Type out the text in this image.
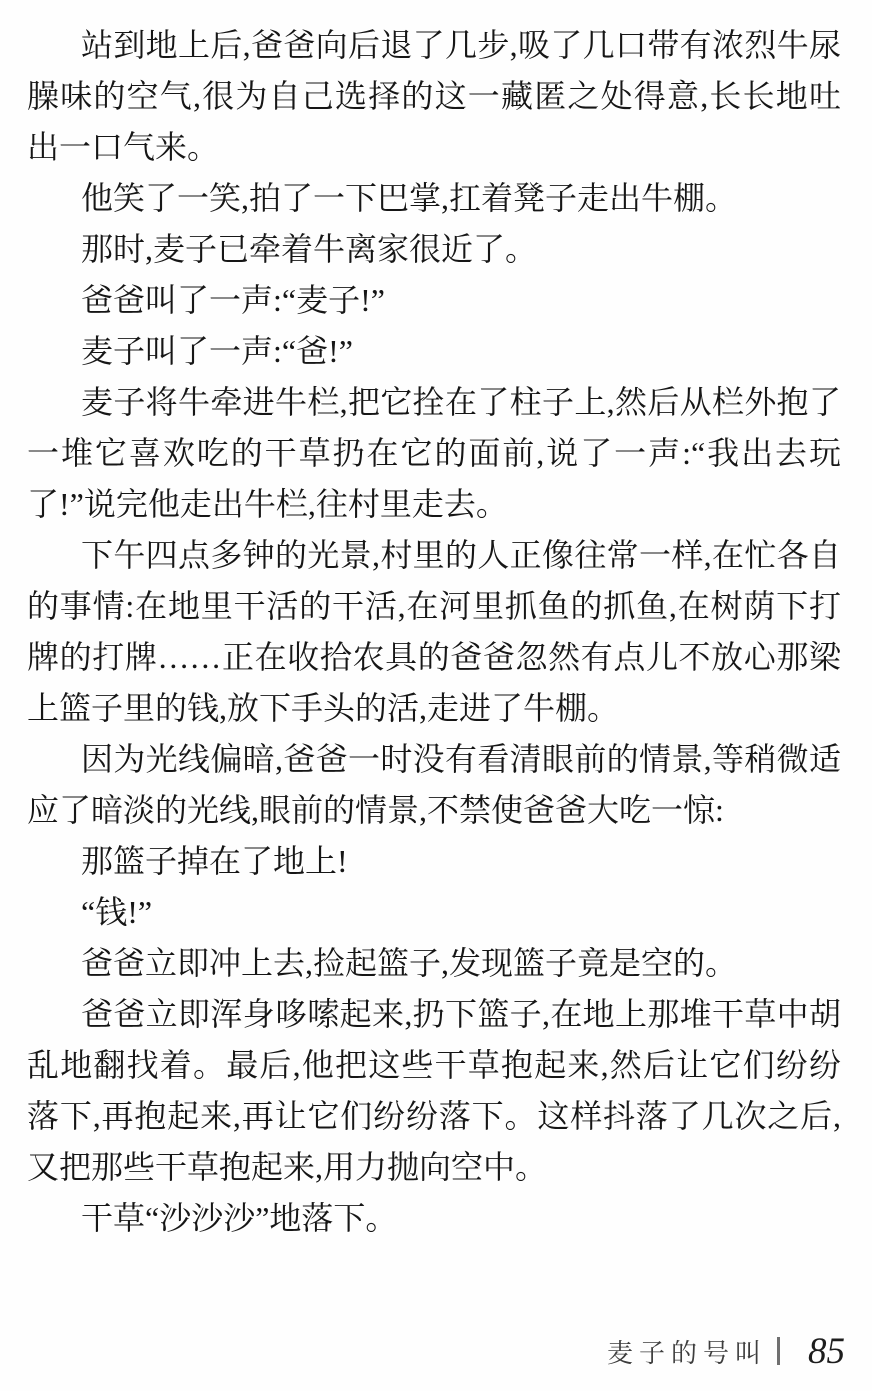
站到地上后,爸爸向后退了几步,吸了几口带有浓烈牛尿臊味的空气,很为自己选择的这一藏匿之处得意,长长地吐出一口气来。

他笑了一笑,拍了一下巴掌,扛着凳子走出牛棚。

那时,麦子已牵着牛离家很近了。

爸爸叫了一声:“麦子!”

麦子叫了一声:“爸!”

麦子将牛牵进牛栏,把它拴在了柱子上,然后从栏外抱了一堆它喜欢吃的干草扔在它的面前,说了一声:“我出去玩了!”说完他走出牛栏,往村里走去。

下午四点多钟的光景,村里的人正像往常一样,在忙各自的事情:在地里干活的干活,在河里抓鱼的抓鱼,在树荫下打牌的打牌……正在收拾农具的爸爸忽然有点儿不放心那梁上篮子里的钱,放下手头的活,走进了牛棚。

因为光线偏暗,爸爸一时没有看清眼前的情景,等稍微适应了暗淡的光线,眼前的情景,不禁使爸爸大吃一惊:

那篮子掉在了地上!

“钱!”

爸爸立即冲上去,捡起篮子,发现篮子竟是空的。

爸爸立即浑身哆嗦起来,扔下篮子,在地上那堆干草中胡乱地翻找着。最后,他把这些干草抱起来,然后让它们纷纷落下,再抱起来,再让它们纷纷落下。这样抖落了几次之后,又把那些干草抱起来,用力抛向空中。

干草“沙沙沙”地落下。

麦子的号叫 85
